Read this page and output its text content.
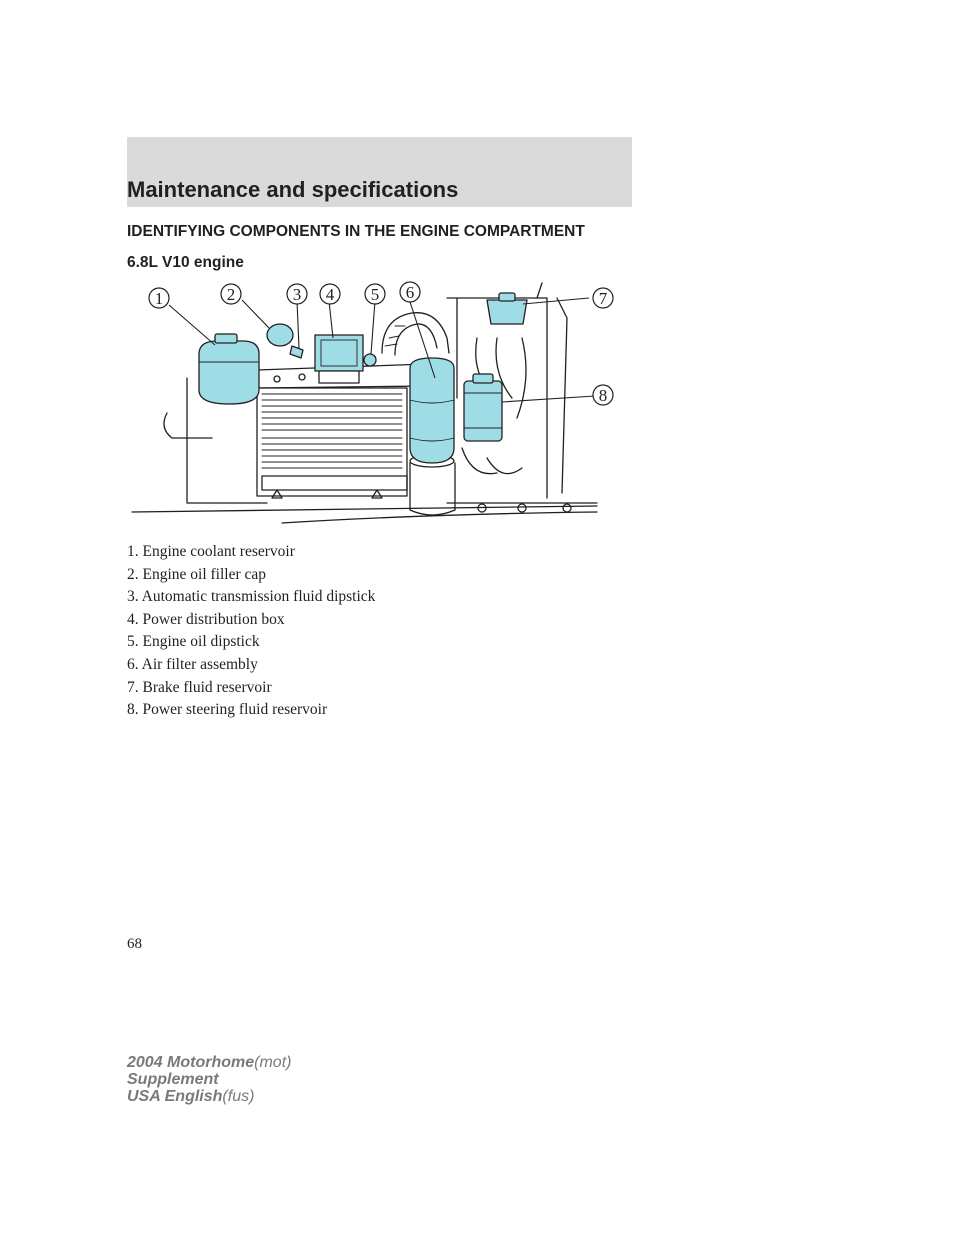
Maintenance and specifications
IDENTIFYING COMPONENTS IN THE ENGINE COMPARTMENT
6.8L V10 engine
1	2	3 4 5 6	7
8
1. Engine coolant reservoir
2. Engine oil filler cap
3. Automatic transmission fluid dipstick
4. Power distribution box
5. Engine oil dipstick
6. Air filter assembly
7. Brake fluid reservoir
8. Power steering fluid reservoir
68
2004 Motorhome(mot)
Supplement
USA English(fus)
